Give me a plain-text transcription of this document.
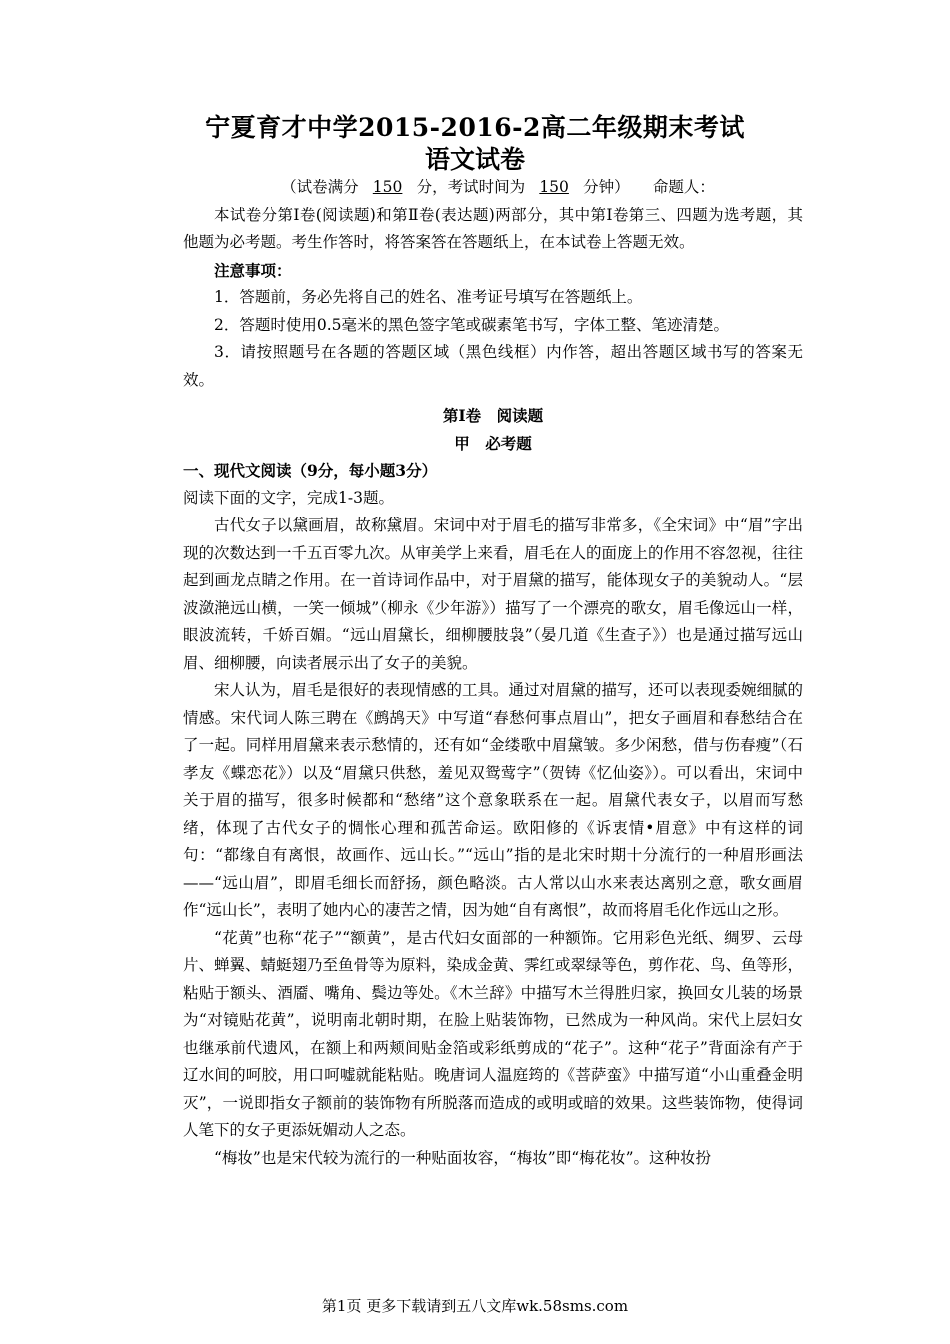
宁夏育才中学2015-2016-2高二年级期末考试
语文试卷

（试卷满分 150 分，考试时间为 150 分钟）　　 命题人：

本试卷分第Ⅰ卷(阅读题)和第Ⅱ卷(表达题)两部分，其中第Ⅰ卷第三、四题为选考题，其他题为必考题。考生作答时，将答案答在答题纸上，在本试卷上答题无效。

注意事项：

1．答题前，务必先将自己的姓名、准考证号填写在答题纸上。

2．答题时使用0.5毫米的黑色签字笔或碳素笔书写，字体工整、笔迹清楚。

3．请按照题号在各题的答题区域（黑色线框）内作答，超出答题区域书写的答案无效。

第Ⅰ卷　阅读题

甲　必考题

一、现代文阅读（9分，每小题3分）

阅读下面的文字，完成1-3题。

古代女子以黛画眉，故称黛眉。宋词中对于眉毛的描写非常多，《全宋词》中“眉”字出现的次数达到一千五百零九次。从审美学上来看，眉毛在人的面庞上的作用不容忽视，往往起到画龙点睛之作用。在一首诗词作品中，对于眉黛的描写，能体现女子的美貌动人。“层波潋滟远山横，一笑一倾城”（柳永《少年游》）描写了一个漂亮的歌女，眉毛像远山一样，眼波流转，千娇百媚。“远山眉黛长，细柳腰肢袅”（晏几道《生查子》）也是通过描写远山眉、细柳腰，向读者展示出了女子的美貌。

宋人认为，眉毛是很好的表现情感的工具。通过对眉黛的描写，还可以表现委婉细腻的情感。宋代词人陈三聘在《鹧鸪天》中写道“春愁何事点眉山”，把女子画眉和春愁结合在了一起。同样用眉黛来表示愁情的，还有如“金缕歌中眉黛皱。多少闲愁，借与伤春瘦”（石孝友《蝶恋花》）以及“眉黛只供愁，羞见双鸳莺字”（贺铸《忆仙姿》）。可以看出，宋词中关于眉的描写，很多时候都和“愁绪”这个意象联系在一起。眉黛代表女子，以眉而写愁绪，体现了古代女子的惆怅心理和孤苦命运。欧阳修的《诉衷情•眉意》中有这样的词句：“都缘自有离恨，故画作、远山长。”“远山”指的是北宋时期十分流行的一种眉形画法——“远山眉”，即眉毛细长而舒扬，颜色略淡。古人常以山水来表达离别之意，歌女画眉作“远山长”，表明了她内心的凄苦之情，因为她“自有离恨”，故而将眉毛化作远山之形。

“花黄”也称“花子”“额黄”，是古代妇女面部的一种额饰。它用彩色光纸、绸罗、云母片、蝉翼、蜻蜓翅乃至鱼骨等为原料，染成金黄、霁红或翠绿等色，剪作花、鸟、鱼等形，粘贴于额头、酒靥、嘴角、鬓边等处。《木兰辞》中描写木兰得胜归家，换回女儿装的场景为“对镜贴花黄”，说明南北朝时期，在脸上贴装饰物，已然成为一种风尚。宋代上层妇女也继承前代遗风，在额上和两颊间贴金箔或彩纸剪成的“花子”。这种“花子”背面涂有产于辽水间的呵胶，用口呵嘘就能粘贴。晚唐词人温庭筠的《菩萨蛮》中描写道“小山重叠金明灭”，一说即指女子额前的装饰物有所脱落而造成的或明或暗的效果。这些装饰物，使得词人笔下的女子更添妩媚动人之态。

“梅妆”也是宋代较为流行的一种贴面妆容，“梅妆”即“梅花妆”。这种妆扮

第1页 更多下载请到五八文库wk.58sms.com
